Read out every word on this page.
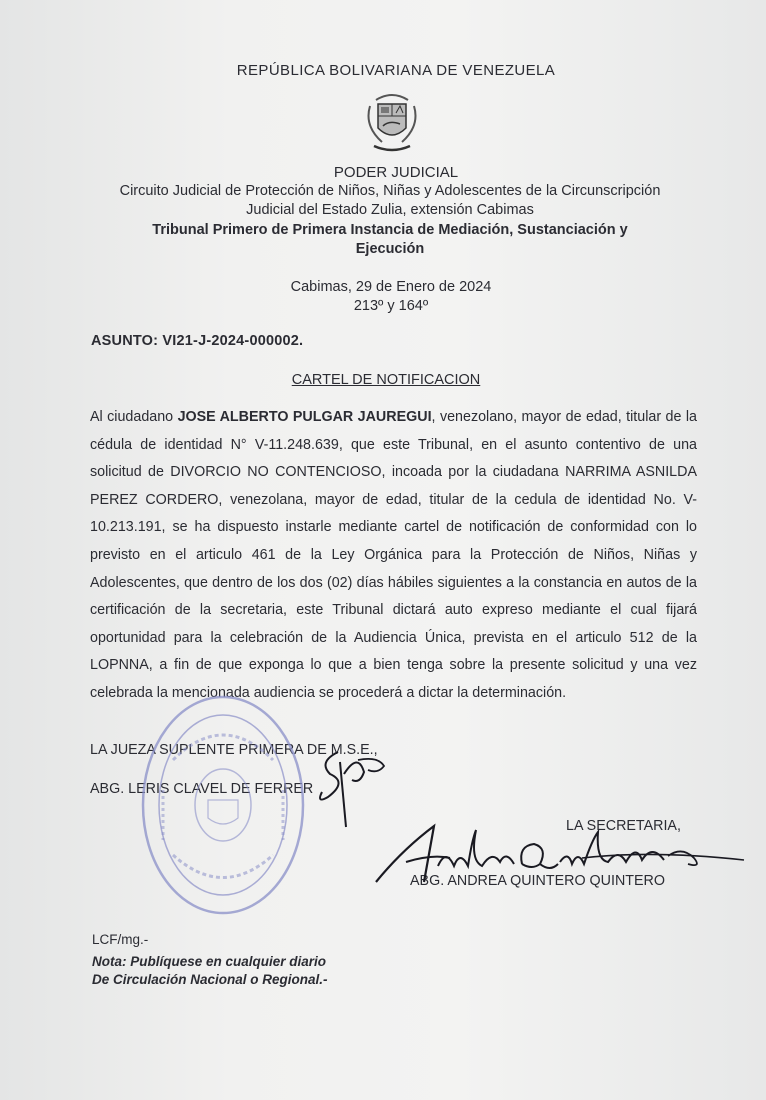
REPÚBLICA BOLIVARIANA DE VENEZUELA
PODER JUDICIAL
Circuito Judicial de Protección de Niños, Niñas y Adolescentes de la Circunscripción
Judicial del Estado Zulia, extensión Cabimas
Tribunal Primero de Primera Instancia de Mediación, Sustanciación y
Ejecución
Cabimas, 29 de Enero de 2024
213º y 164º
ASUNTO: VI21-J-2024-000002.
CARTEL DE NOTIFICACION
Al ciudadano JOSE ALBERTO PULGAR JAUREGUI, venezolano, mayor de edad, titular de la cédula de identidad N° V-11.248.639, que este Tribunal, en el asunto contentivo de una solicitud de DIVORCIO NO CONTENCIOSO, incoada por la ciudadana NARRIMA ASNILDA PEREZ CORDERO, venezolana, mayor de edad, titular de la cedula de identidad No. V-10.213.191, se ha dispuesto instarle mediante cartel de notificación de conformidad con lo previsto en el articulo 461 de la Ley Orgánica para la Protección de Niños, Niñas y Adolescentes, que dentro de los dos (02) días hábiles siguientes a la constancia en autos de la certificación de la secretaria, este Tribunal dictará auto expreso mediante el cual fijará oportunidad para la celebración de la Audiencia Única, prevista en el articulo 512 de la LOPNNA, a fin de que exponga lo que a bien tenga sobre la presente solicitud y una vez celebrada la mencionada audiencia se procederá a dictar la determinación.
LA JUEZA SUPLENTE PRIMERA DE M.S.E.,
ABG. LERIS CLAVEL DE FERRER
LA SECRETARIA,
ABG. ANDREA QUINTERO QUINTERO
LCF/mg.-
Nota: Publíquese en cualquier diario
De Circulación Nacional o Regional.-
